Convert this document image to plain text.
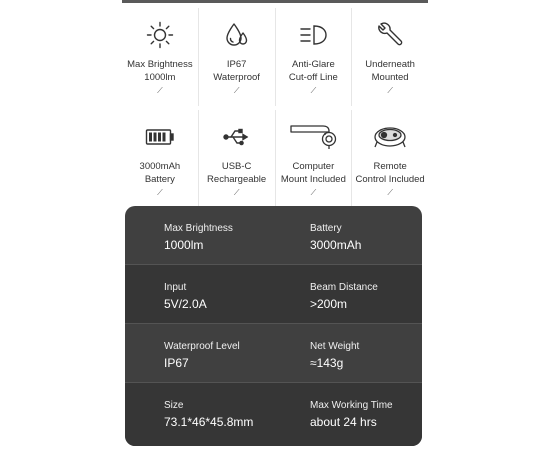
Max Brightness
1000lm
⟋
IP67
Waterproof
⟋
Anti-Glare
Cut-off Line
⟋
Underneath
Mounted
⟋
3000mAh
Battery
⟋
USB-C
Rechargeable
⟋
Computer
Mount Included
⟋
Remote
Control Included
⟋
Max Brightness
1000lm
Battery
3000mAh
Input
5V/2.0A
Beam Distance
>200m
Waterproof Level
IP67
Net Weight
≈143g
Size
73.1*46*45.8mm
Max Working Time
about 24 hrs
